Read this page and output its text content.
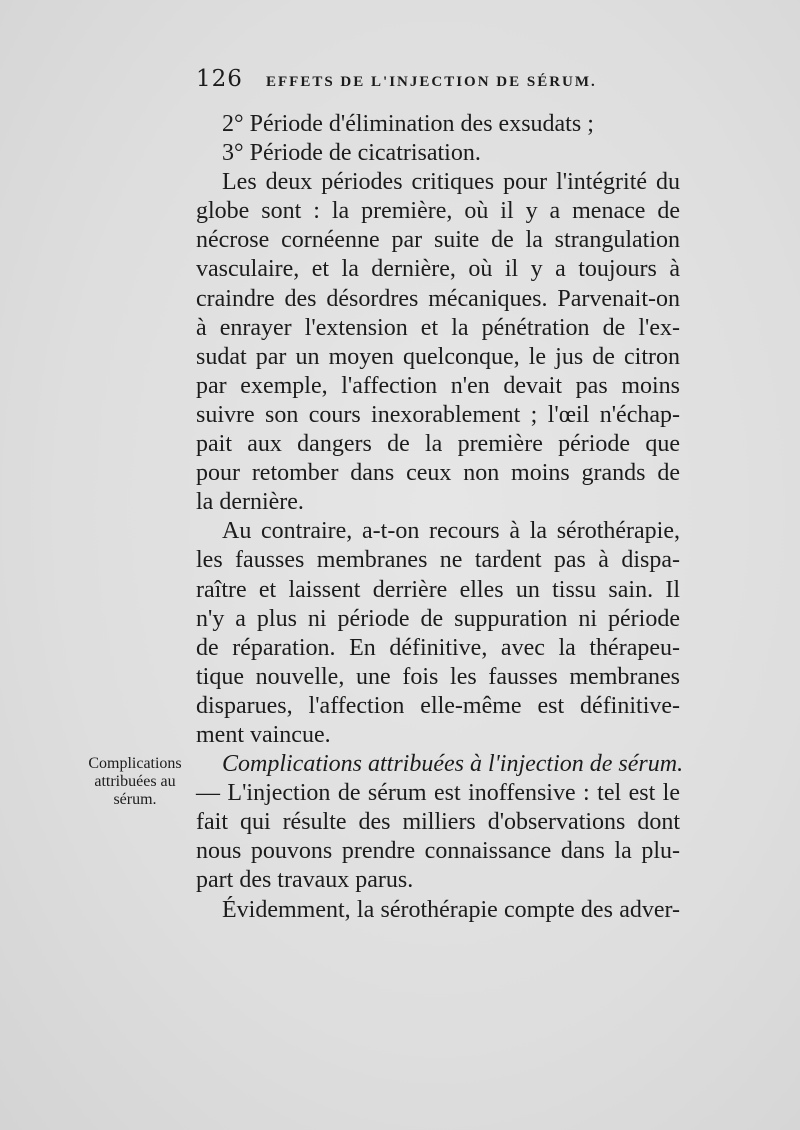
126	EFFETS DE L'INJECTION DE SÉRUM.
2° Période d'élimination des exsudats ;
3° Période de cicatrisation.
Les deux périodes critiques pour l'intégrité du
globe sont : la première, où il y a menace de
nécrose cornéenne par suite de la strangulation
vasculaire, et la dernière, où il y a toujours à
craindre des désordres mécaniques. Parvenait-on
à enrayer l'extension et la pénétration de l'ex-
sudat par un moyen quelconque, le jus de citron
par exemple, l'affection n'en devait pas moins
suivre son cours inexorablement ; l'œil n'échap-
pait aux dangers de la première période que
pour retomber dans ceux non moins grands de
la dernière.
Au contraire, a-t-on recours à la sérothérapie,
les fausses membranes ne tardent pas à dispa-
raître et laissent derrière elles un tissu sain. Il
n'y a plus ni période de suppuration ni période
de réparation. En définitive, avec la thérapeu-
tique nouvelle, une fois les fausses membranes
disparues, l'affection elle-même est définitive-
ment vaincue.
Complications attribuées à l'injection de sérum.
— L'injection de sérum est inoffensive : tel est le
fait qui résulte des milliers d'observations dont
nous pouvons prendre connaissance dans la plu-
part des travaux parus.
Évidemment, la sérothérapie compte des adver-
Complications
attribuées au
sérum.
